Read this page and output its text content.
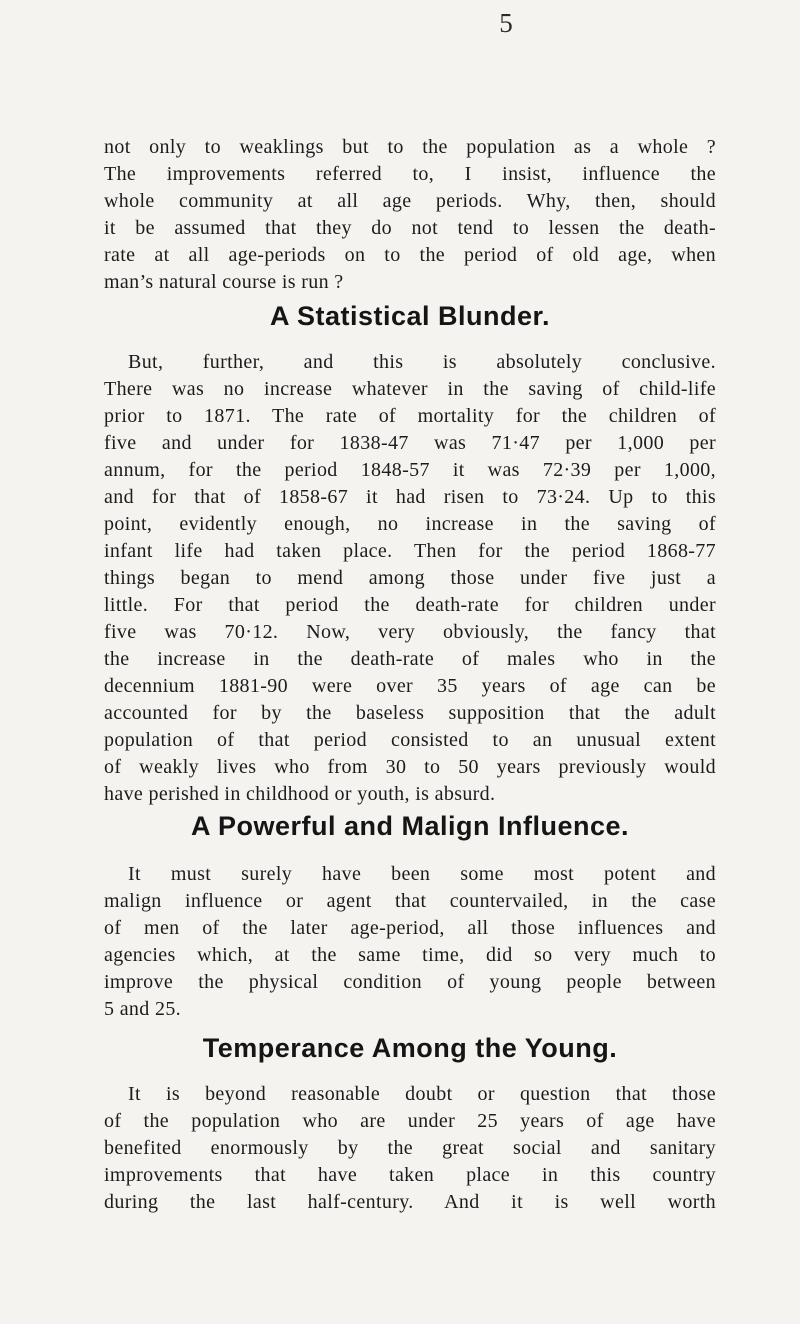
5
not only to weaklings but to the population as a whole ?
The improvements referred to, I insist, influence the
whole community at all age periods. Why, then, should
it be assumed that they do not tend to lessen the death-
rate at all age-periods on to the period of old age, when
man’s natural course is run ?
A Statistical Blunder.
But, further, and this is absolutely conclusive.
There was no increase whatever in the saving of child-life
prior to 1871. The rate of mortality for the children of
five and under for 1838-47 was 71·47 per 1,000 per
annum, for the period 1848-57 it was 72·39 per 1,000,
and for that of 1858-67 it had risen to 73·24. Up to this
point, evidently enough, no increase in the saving of
infant life had taken place. Then for the period 1868-77
things began to mend among those under five just a
little. For that period the death-rate for children under
five was 70·12. Now, very obviously, the fancy that
the increase in the death-rate of males who in the
decennium 1881-90 were over 35 years of age can be
accounted for by the baseless supposition that the adult
population of that period consisted to an unusual extent
of weakly lives who from 30 to 50 years previously would
have perished in childhood or youth, is absurd.
A Powerful and Malign Influence.
It must surely have been some most potent and
malign influence or agent that countervailed, in the case
of men of the later age-period, all those influences and
agencies which, at the same time, did so very much to
improve the physical condition of young people between
5 and 25.
Temperance Among the Young.
It is beyond reasonable doubt or question that those
of the population who are under 25 years of age have
benefited enormously by the great social and sanitary
improvements that have taken place in this country
during the last half-century. And it is well worth
